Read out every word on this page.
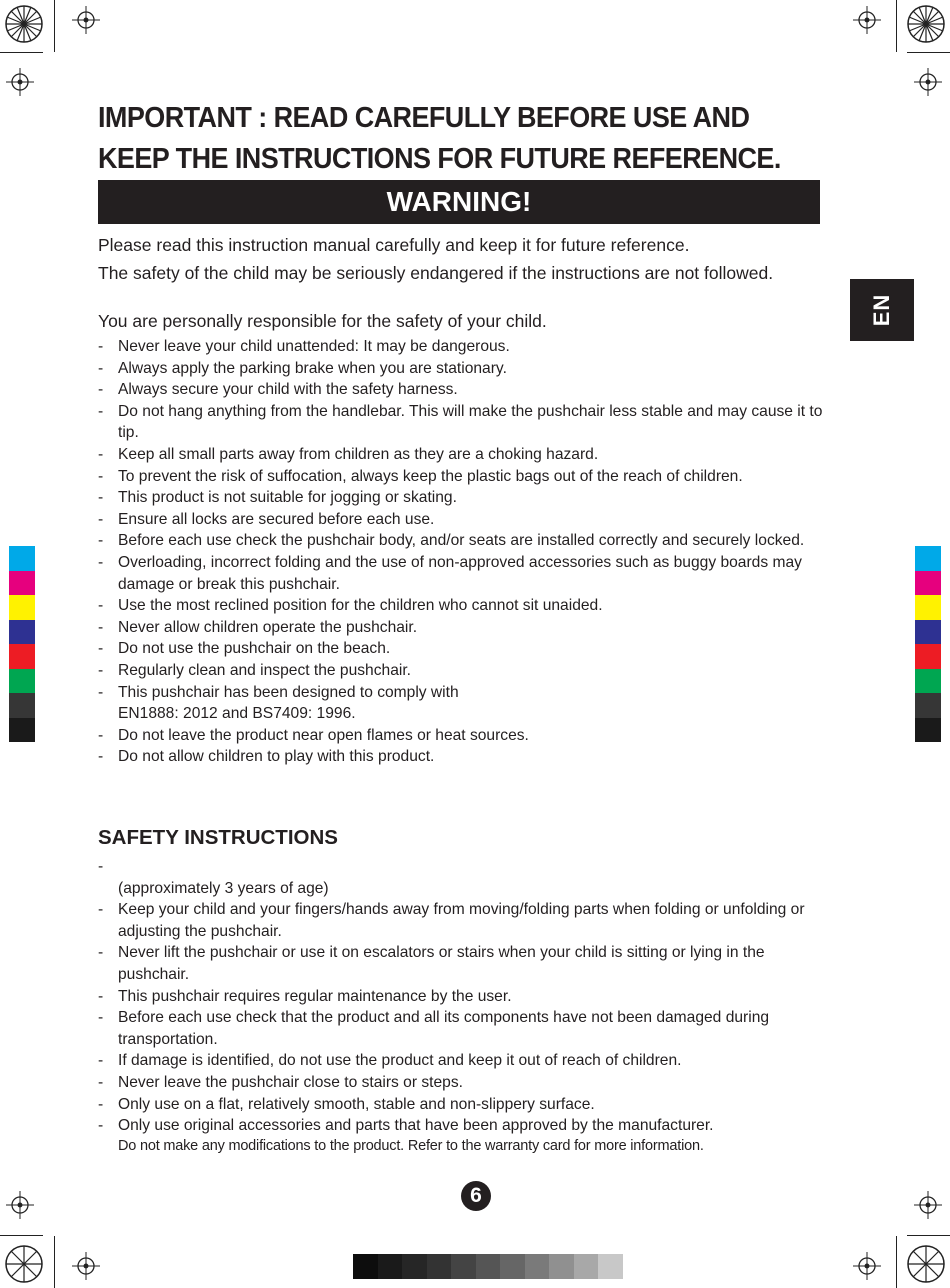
IMPORTANT : READ CAREFULLY BEFORE USE AND
KEEP THE INSTRUCTIONS FOR FUTURE REFERENCE.
WARNING!
Please read this instruction manual carefully and keep it for future reference.
The safety of the child may be seriously endangered if the instructions are not followed.
You are personally responsible for the safety of your child.	EN
- Never leave your child unattended: It may be dangerous.
- Always apply the parking brake when you are stationary.
- Always secure your child with the safety harness.
- Do not hang anything from the handlebar. This will make the pushchair less stable and may cause it to tip.
- Keep all small parts away from children as they are a choking hazard.
- To prevent the risk of suffocation, always keep the plastic bags out of the reach of children.
- This product is not suitable for jogging or skating.
- Ensure all locks are secured before each use.
- Before each use check the pushchair body, and/or seats are installed correctly and securely locked.
- Overloading, incorrect folding and the use of non-approved accessories such as buggy boards may damage or break this pushchair.
- Use the most reclined position for the children who cannot sit unaided.
- Never allow children operate the pushchair.
- Do not use the pushchair on the beach.
- Regularly clean and inspect the pushchair.
- This pushchair has been designed to comply with
EN1888: 2012 and BS7409: 1996.
- Do not leave the product near open flames or heat sources.
- Do not allow children to play with this product.
SAFETY INSTRUCTIONS
-

(approximately 3 years of age)
- Keep your child and your fingers/hands away from moving/folding parts when folding or unfolding or adjusting the pushchair.
- Never lift the pushchair or use it on escalators or stairs when your child is sitting or lying in the pushchair.
- This pushchair requires regular maintenance by the user.
- Before each use check that the product and all its components have not been damaged during transportation.
- If damage is identified, do not use the product and keep it out of reach of children.
- Never leave the pushchair close to stairs or steps.
- Only use on a flat, relatively smooth, stable and non-slippery surface.
- Only use original accessories and parts that have been approved by the manufacturer.
Do not make any modifications to the product. Refer to the warranty card for more information.
6
